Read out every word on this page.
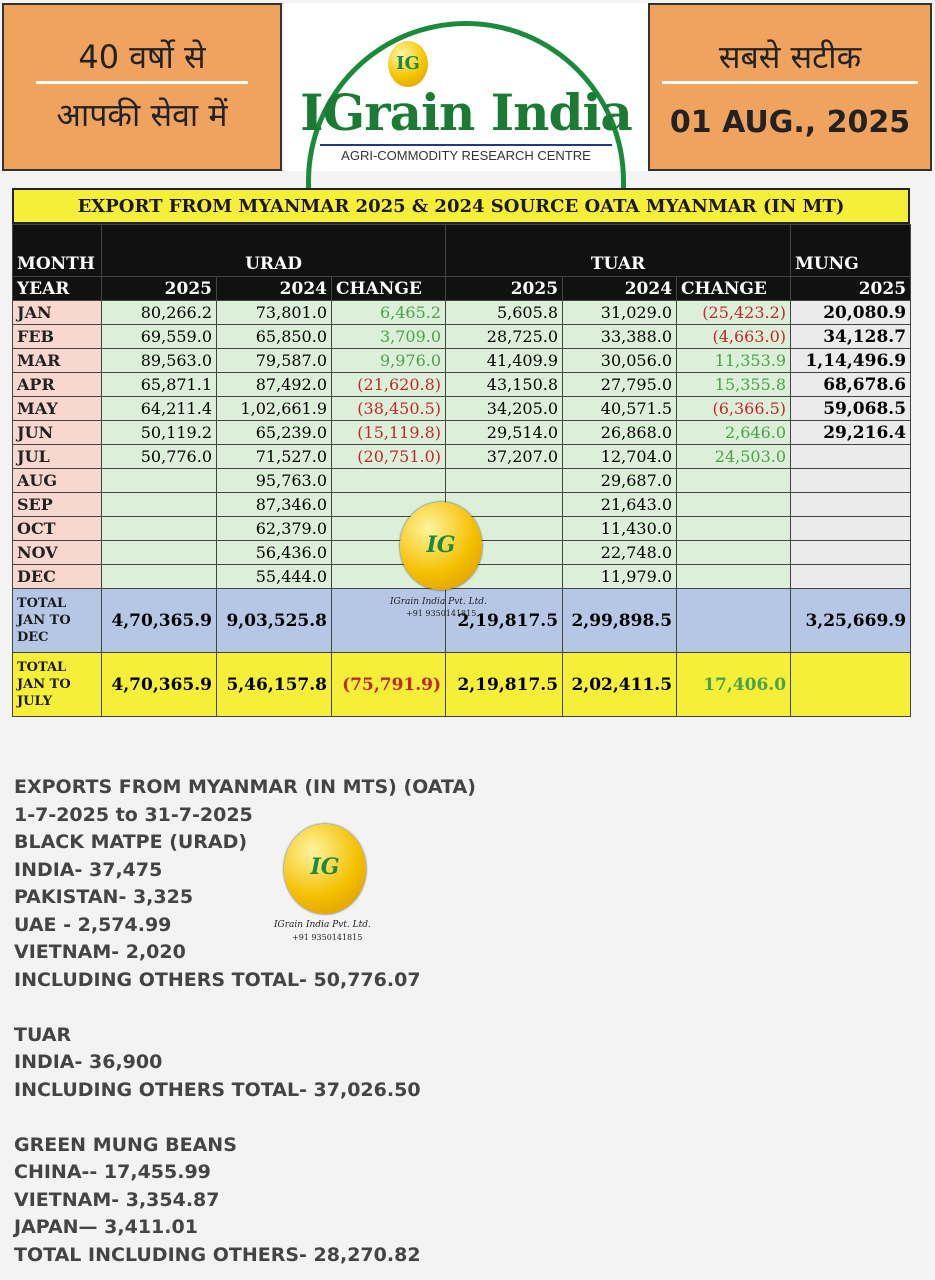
40 वर्षो से
आपकी सेवा में
IG
IGrain India
AGRI-COMMODITY RESEARCH CENTRE
सबसे सटीक
01 AUG., 2025
EXPORT FROM MYANMAR 2025 & 2024 SOURCE OATA MYANMAR (IN MT)
MONTH	URAD			TUAR			MUNG
YEAR	2025	2024	CHANGE	2025	2024	CHANGE	2025
JAN	80,266.2	73,801.0	6,465.2	5,605.8	31,029.0	(25,423.2)	20,080.9
FEB	69,559.0	65,850.0	3,709.0	28,725.0	33,388.0	(4,663.0)	34,128.7
MAR	89,563.0	79,587.0	9,976.0	41,409.9	30,056.0	11,353.9	1,14,496.9
APR	65,871.1	87,492.0	(21,620.8)	43,150.8	27,795.0	15,355.8	68,678.6
MAY	64,211.4	1,02,661.9	(38,450.5)	34,205.0	40,571.5	(6,366.5)	59,068.5
JUN	50,119.2	65,239.0	(15,119.8)	29,514.0	26,868.0	2,646.0	29,216.4
JUL	50,776.0	71,527.0	(20,751.0)	37,207.0	12,704.0	24,503.0	
AUG		95,763.0			29,687.0		
SEP		87,346.0			21,643.0		
OCT		62,379.0			11,430.0		
NOV		56,436.0			22,748.0		
DEC		55,444.0			11,979.0		
TOTAL JAN TO DEC	4,70,365.9	9,03,525.8		2,19,817.5	2,99,898.5		3,25,669.9
TOTAL JAN TO JULY	4,70,365.9	5,46,157.8	(75,791.9)	2,19,817.5	2,02,411.5	17,406.0	
IG
IGrain India Pvt. Ltd.
+91 9350141815
IG
IGrain India Pvt. Ltd.
+91 9350141815
EXPORTS FROM MYANMAR (IN MTS) (OATA)
1-7-2025 to 31-7-2025
BLACK MATPE (URAD)
INDIA- 37,475
PAKISTAN- 3,325
UAE - 2,574.99
VIETNAM- 2,020
INCLUDING OTHERS TOTAL- 50,776.07
TUAR
INDIA- 36,900
INCLUDING OTHERS TOTAL- 37,026.50
GREEN MUNG BEANS
CHINA-- 17,455.99
VIETNAM- 3,354.87
JAPAN— 3,411.01
TOTAL INCLUDING OTHERS- 28,270.82
